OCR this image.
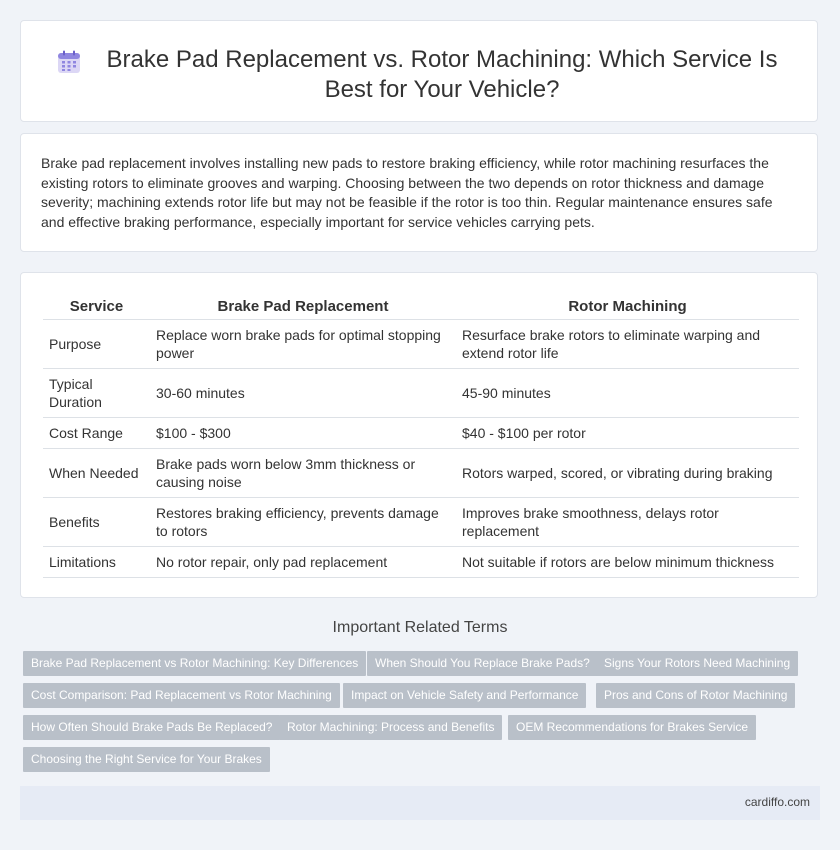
Brake Pad Replacement vs. Rotor Machining: Which Service Is Best for Your Vehicle?

Brake pad replacement involves installing new pads to restore braking efficiency, while rotor machining resurfaces the existing rotors to eliminate grooves and warping. Choosing between the two depends on rotor thickness and damage severity; machining extends rotor life but may not be feasible if the rotor is too thin. Regular maintenance ensures safe and effective braking performance, especially important for service vehicles carrying pets.

Service	Brake Pad Replacement	Rotor Machining
Purpose	Replace worn brake pads for optimal stopping power	Resurface brake rotors to eliminate warping and extend rotor life
Typical Duration	30-60 minutes	45-90 minutes
Cost Range	$100 - $300	$40 - $100 per rotor
When Needed	Brake pads worn below 3mm thickness or causing noise	Rotors warped, scored, or vibrating during braking
Benefits	Restores braking efficiency, prevents damage to rotors	Improves brake smoothness, delays rotor replacement
Limitations	No rotor repair, only pad replacement	Not suitable if rotors are below minimum thickness
Important Related Terms
Brake Pad Replacement vs Rotor Machining: Key Differences	When Should You Replace Brake Pads?	Signs Your Rotors Need Machining
Cost Comparison: Pad Replacement vs Rotor Machining	Impact on Vehicle Safety and Performance	Pros and Cons of Rotor Machining
How Often Should Brake Pads Be Replaced?	Rotor Machining: Process and Benefits	OEM Recommendations for Brakes Service
Choosing the Right Service for Your Brakes
cardiffo.com
